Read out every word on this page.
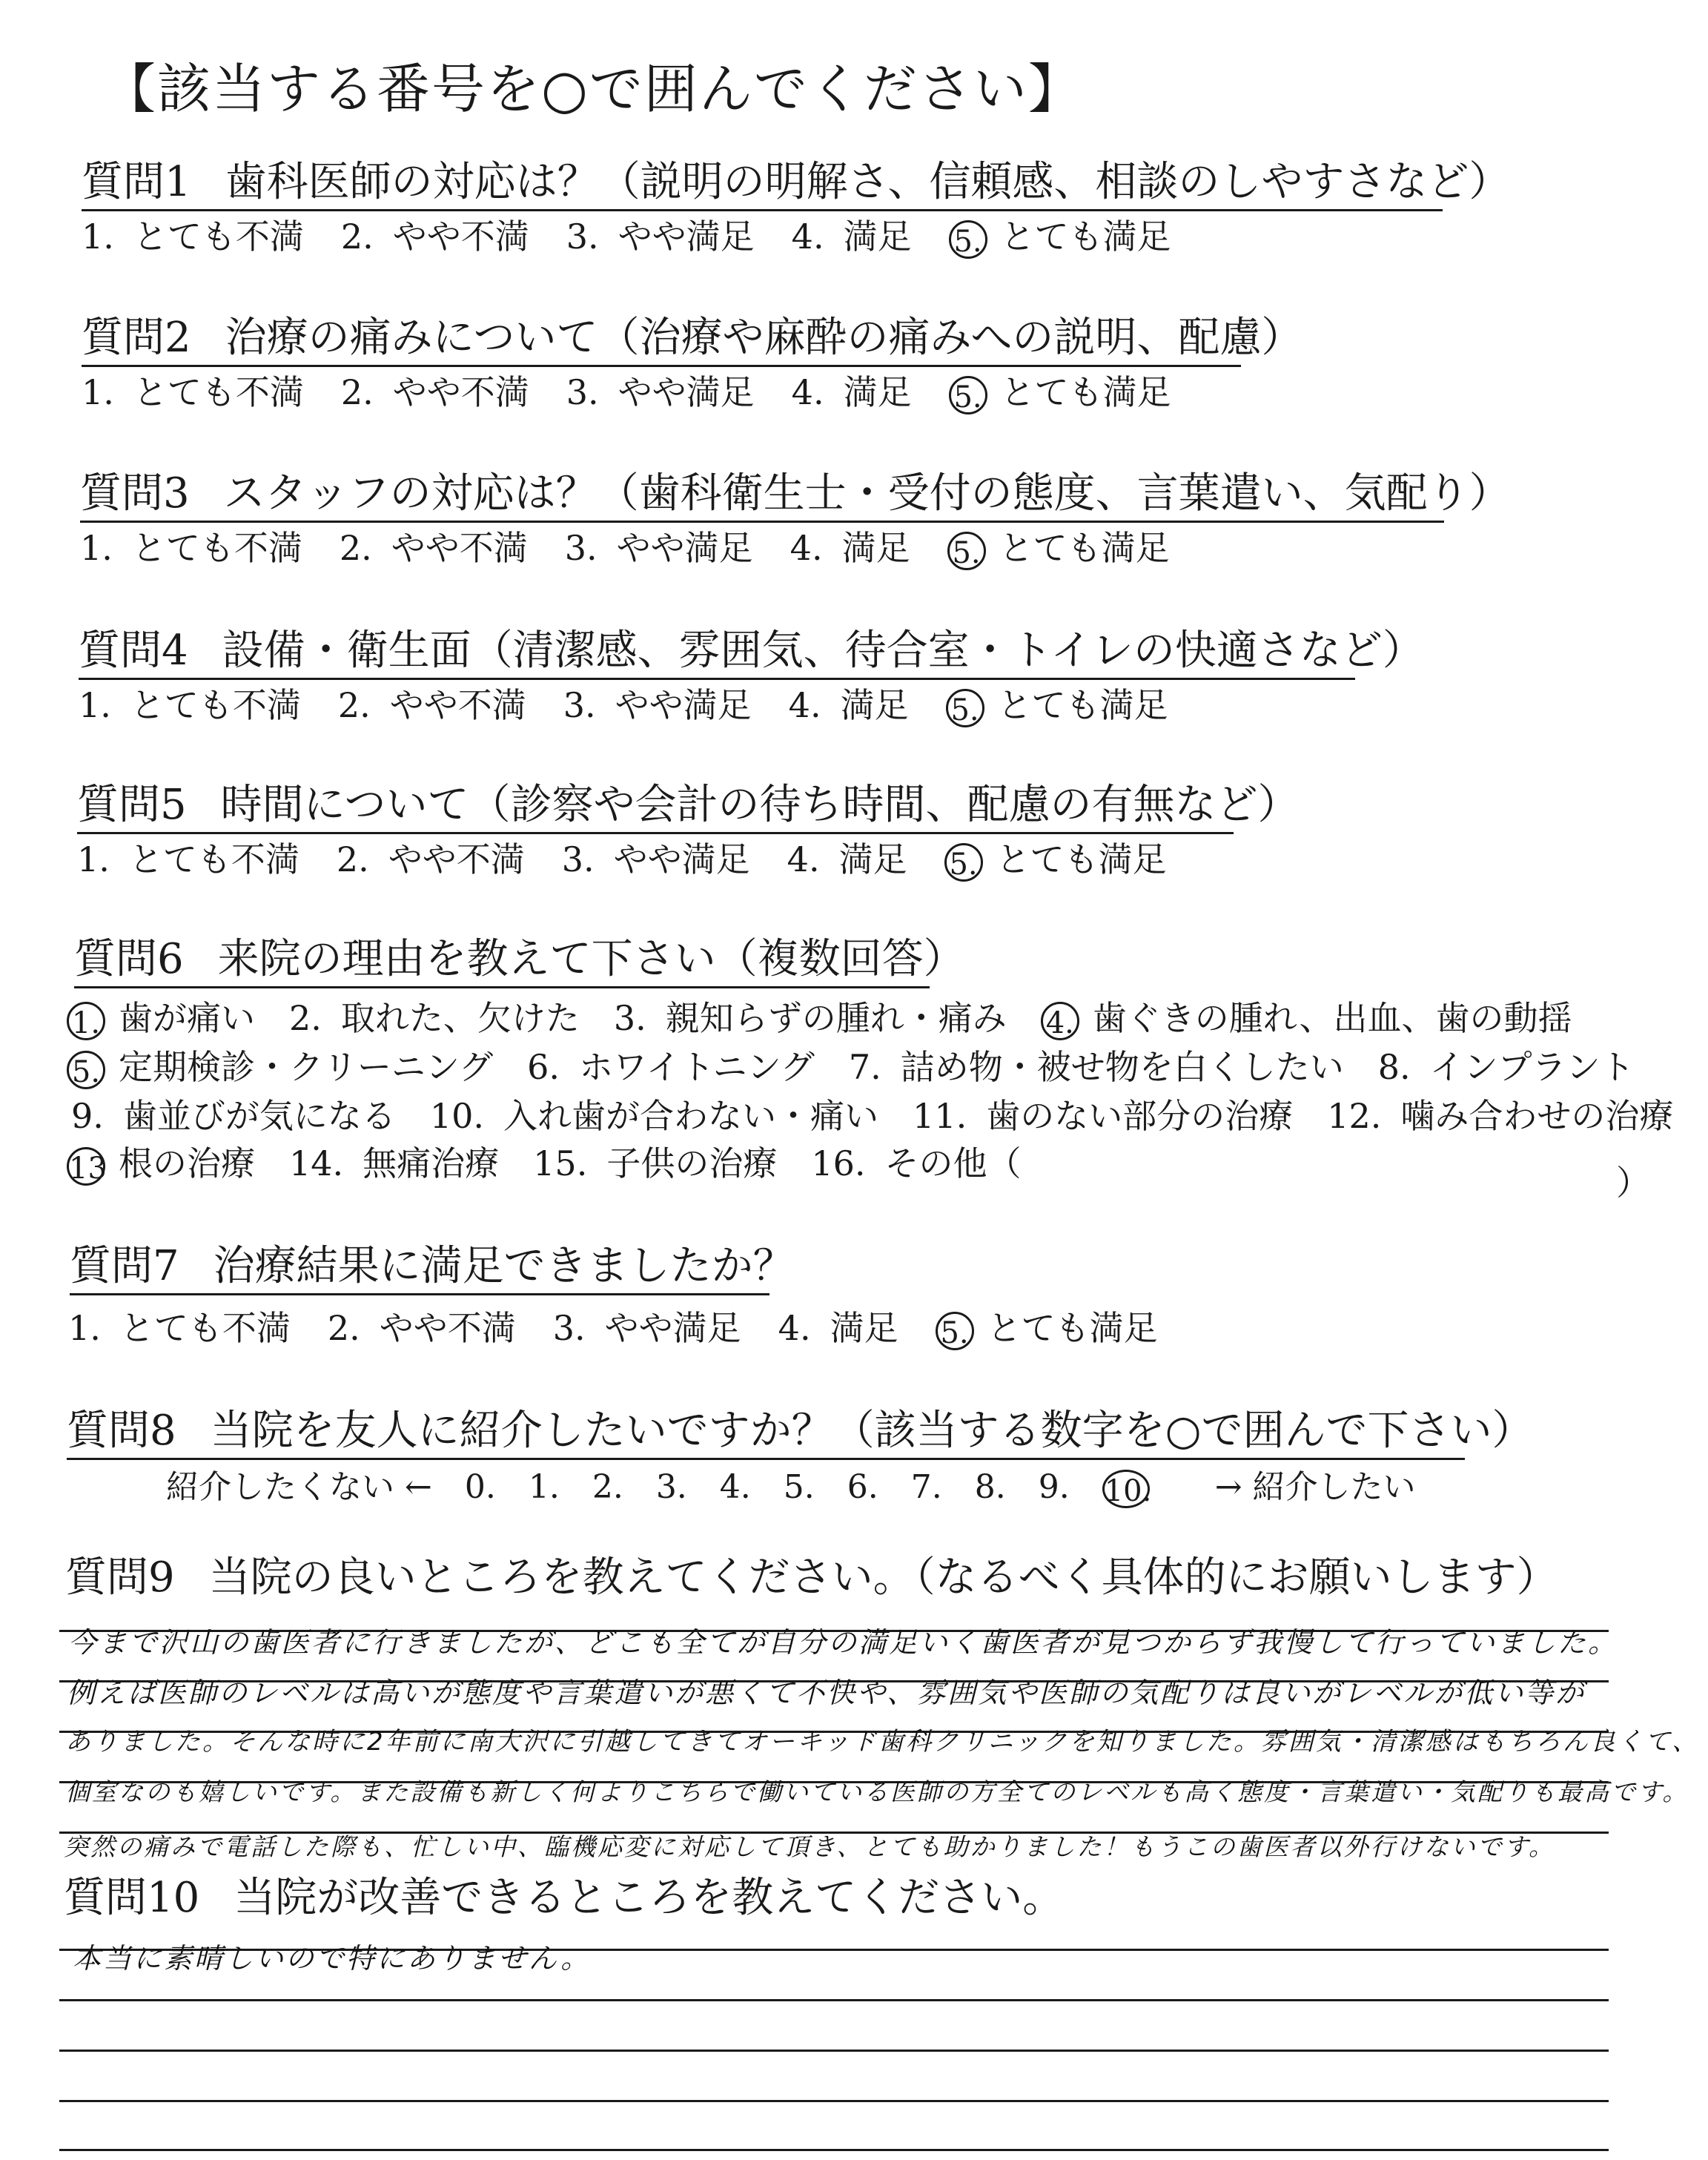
【該当する番号を○で囲んでください】
質問1 歯科医師の対応は？（説明の明解さ、信頼感、相談のしやすさなど）
1. とても不満 2. やや不満 3. やや満足 4. 満足 5. とても満足
質問2 治療の痛みについて（治療や麻酔の痛みへの説明、配慮）
1. とても不満 2. やや不満 3. やや満足 4. 満足 5. とても満足
質問3 スタッフの対応は？（歯科衛生士・受付の態度、言葉遣い、気配り）
1. とても不満 2. やや不満 3. やや満足 4. 満足 5. とても満足
質問4 設備・衛生面（清潔感、雰囲気、待合室・トイレの快適さなど）
1. とても不満 2. やや不満 3. やや満足 4. 満足 5. とても満足
質問5 時間について（診察や会計の待ち時間、配慮の有無など）
1. とても不満 2. やや不満 3. やや満足 4. 満足 5. とても満足
質問6 来院の理由を教えて下さい（複数回答）
1. 歯が痛い 2. 取れた、欠けた 3. 親知らずの腫れ・痛み 4. 歯ぐきの腫れ、出血、歯の動揺
5. 定期検診・クリーニング 6. ホワイトニング 7. 詰め物・被せ物を白くしたい 8. インプラント
9. 歯並びが気になる 10. 入れ歯が合わない・痛い 11. 歯のない部分の治療 12. 噛み合わせの治療
13 根の治療 14. 無痛治療 15. 子供の治療 16. その他（	）
質問7 治療結果に満足できましたか？
1. とても不満 2. やや不満 3. やや満足 4. 満足 5. とても満足
質問8 当院を友人に紹介したいですか？（該当する数字を○で囲んで下さい）
紹介したくない ← 0. 1. 2. 3. 4. 5. 6. 7. 8. 9. 10. → 紹介したい
質問9 当院の良いところを教えてください。（なるべく具体的にお願いします）
今まで沢山の歯医者に行きましたが、どこも全てが自分の満足いく歯医者が見つからず我慢して行っていました。
例えば医師のレベルは高いが態度や言葉遣いが悪くて不快や、雰囲気や医師の気配りは良いがレベルが低い等が
ありました。そんな時に2年前に南大沢に引越してきてオーキッド歯科クリニックを知りました。雰囲気・清潔感はもちろん良くて、
個室なのも嬉しいです。また設備も新しく何よりこちらで働いている医師の方全てのレベルも高く態度・言葉遣い・気配りも最高です。
突然の痛みで電話した際も、忙しい中、臨機応変に対応して頂き、とても助かりました！もうこの歯医者以外行けないです。
質問10 当院が改善できるところを教えてください。
本当に素晴しいので特にありません。
